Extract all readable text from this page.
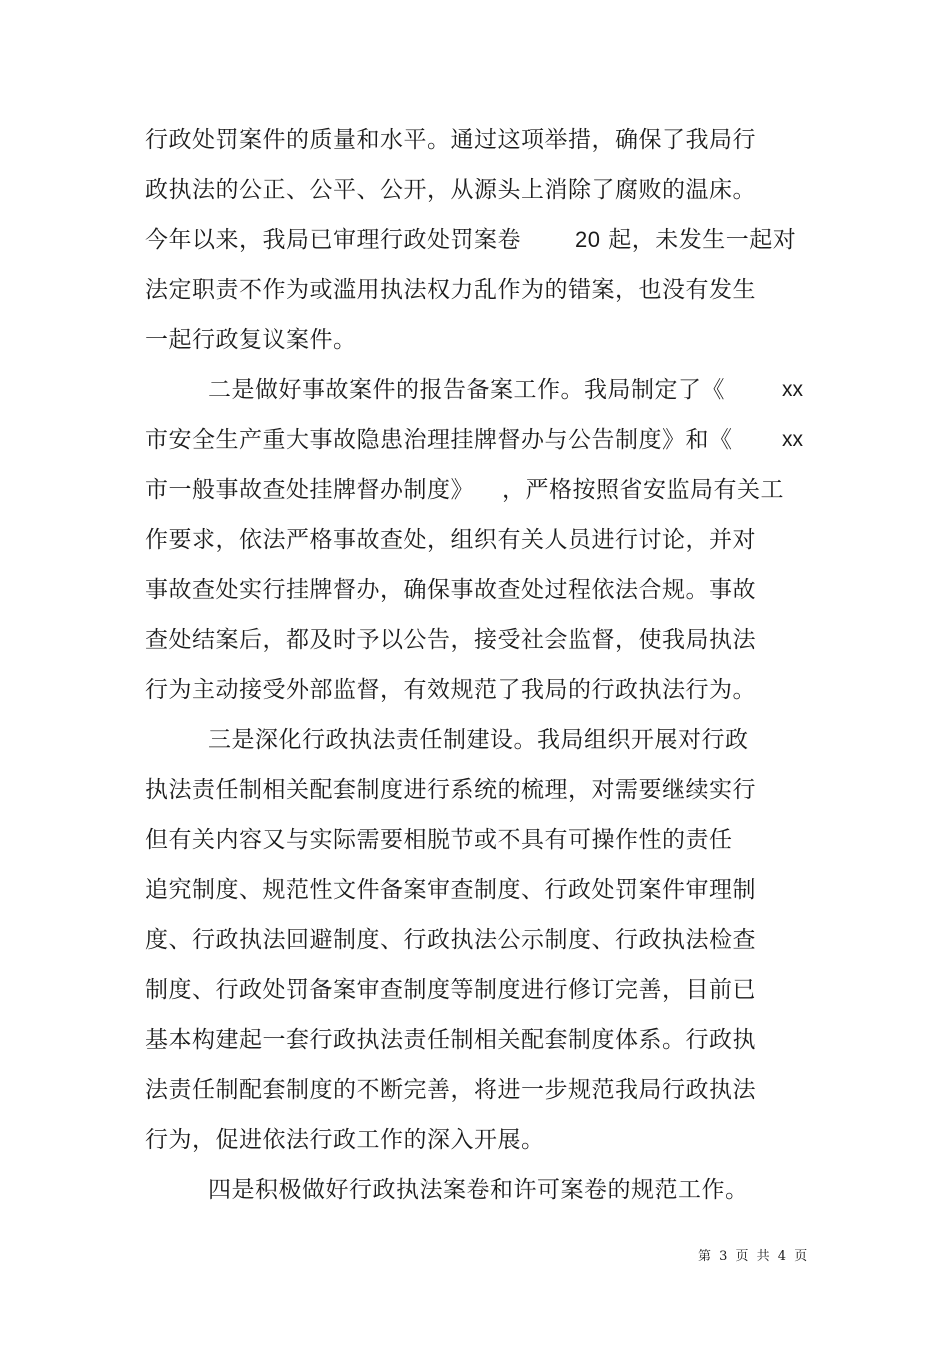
行政处罚案件的质量和水平。通过这项举措，确保了我局行
政执法的公正、公平、公开，从源头上消除了腐败的温床。
今年以来，我局已审理行政处罚案卷 20 起，未发生一起对
法定职责不作为或滥用执法权力乱作为的错案，也没有发生
一起行政复议案件。
二是做好事故案件的报告备案工作。我局制定了《	xx
市安全生产重大事故隐患治理挂牌督办与公告制度》和《 xx
市一般事故查处挂牌督办制度》 ，严格按照省安监局有关工
作要求，依法严格事故查处，组织有关人员进行讨论，并对
事故查处实行挂牌督办，确保事故查处过程依法合规。事故
查处结案后，都及时予以公告，接受社会监督，使我局执法
行为主动接受外部监督，有效规范了我局的行政执法行为。
三是深化行政执法责任制建设。我局组织开展对行政
执法责任制相关配套制度进行系统的梳理，对需要继续实行
但有关内容又与实际需要相脱节或不具有可操作性的责任
追究制度、规范性文件备案审查制度、行政处罚案件审理制
度、行政执法回避制度、行政执法公示制度、行政执法检查
制度、行政处罚备案审查制度等制度进行修订完善，目前已
基本构建起一套行政执法责任制相关配套制度体系。行政执
法责任制配套制度的不断完善，将进一步规范我局行政执法
行为，促进依法行政工作的深入开展。
四是积极做好行政执法案卷和许可案卷的规范工作。
第 3 页 共 4 页
